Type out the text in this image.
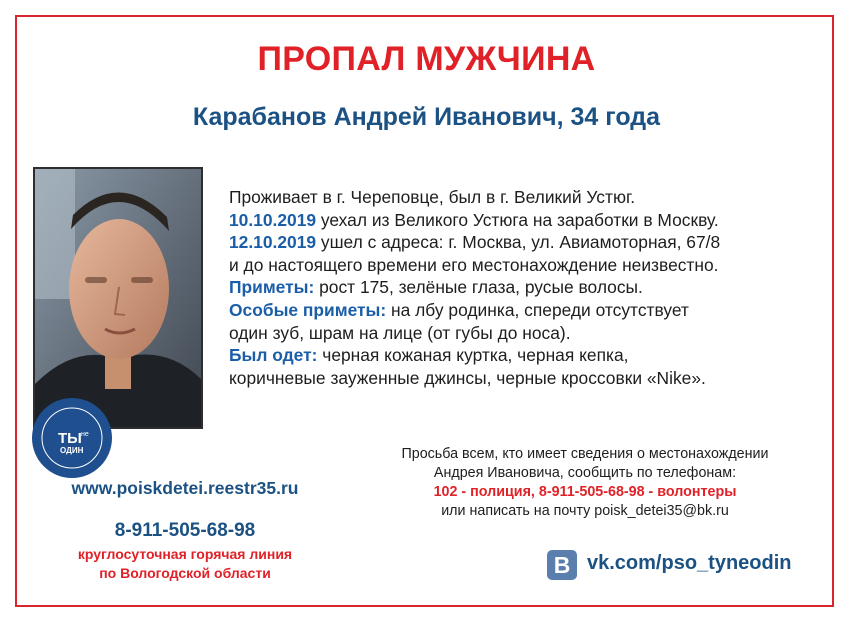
ПРОПАЛ МУЖЧИНА
Карабанов Андрей Иванович, 34 года
Проживает в г. Череповце, был в г. Великий Устюг.
10.10.2019 уехал из Великого Устюга на заработки в Москву.
12.10.2019 ушел с адреса: г. Москва, ул. Авиамоторная, 67/8
и до настоящего времени его местонахождение неизвестно.
Приметы: рост 175, зелёные глаза, русые волосы.
Особые приметы: на лбу родинка, спереди отсутствует
один зуб, шрам на лице (от губы до носа).
Был одет: черная кожаная куртка, черная кепка,
коричневые зауженные джинсы, черные кроссовки «Nike».
ТЫ не
ОДИН
www.poiskdetei.reestr35.ru
8-911-505-68-98
круглосуточная горячая линия
по Вологодской области
Просьба всем, кто имеет сведения о местонахождении
Андрея Ивановича, сообщить по телефонам:
102 - полиция, 8-911-505-68-98 - волонтеры
или написать на почту poisk_detei35@bk.ru
В vk.com/pso_tyneodin
